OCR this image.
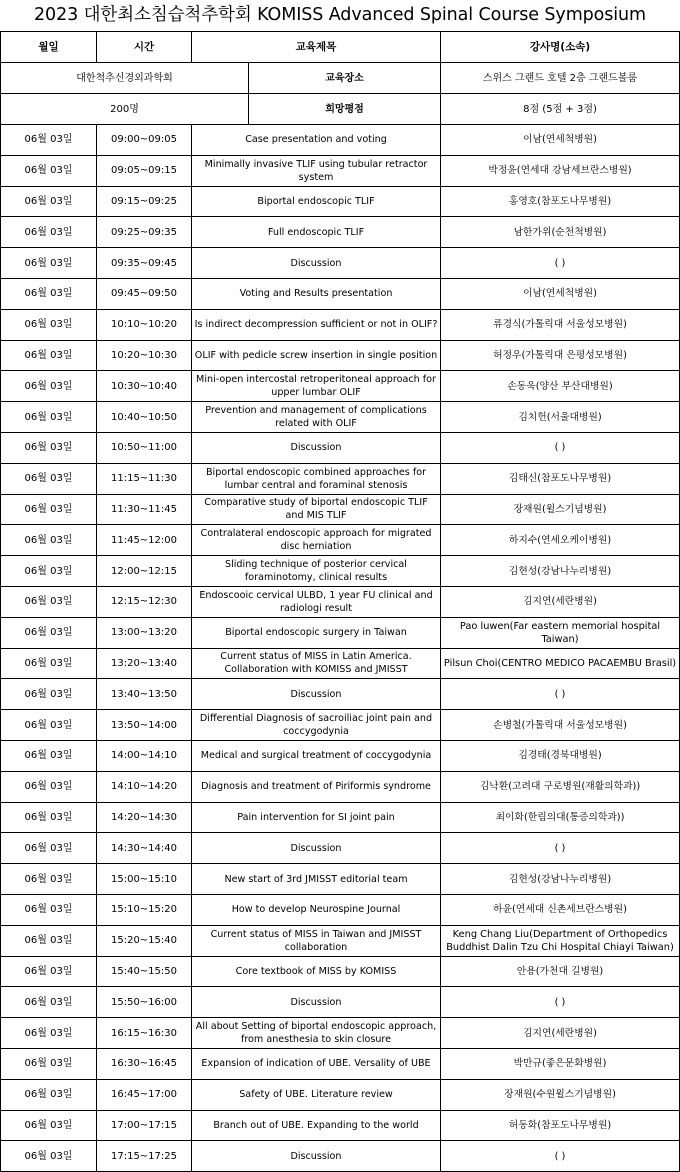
2023 대한최소침습척추학회 KOMISS Advanced Spinal Course Symposium
대한척추신경외과학회			교육장소	스위스 그랜드 호텔 2층 그랜드볼룸
200명			희망평점	8점 (5점 + 3점)
월일	시간	교육제목		강사명(소속)
06월 03일	09:00~09:05	Case presentation and voting		이남(연세척병원)
06월 03일	09:05~09:15	Minimally invasive TLIF using tubular retractor system		박정윤(연세대 강남세브란스병원)
06월 03일	09:15~09:25	Biportal endoscopic TLIF		홍영호(참포도나무병원)
06월 03일	09:25~09:35	Full endoscopic TLIF		남한가위(순천척병원)
06월 03일	09:35~09:45	Discussion		( )
06월 03일	09:45~09:50	Voting and Results presentation		이남(연세척병원)
06월 03일	10:10~10:20	Is indirect decompression sufficient or not in OLIF?		류경식(가톨릭대 서울성모병원)
06월 03일	10:20~10:30	OLIF with pedicle screw insertion in single position		허정우(가톨릭대 은평성모병원)
06월 03일	10:30~10:40	Mini-open intercostal retroperitoneal approach for upper lumbar OLIF		손동욱(양산 부산대병원)
06월 03일	10:40~10:50	Prevention and management of complications related with OLIF		김치헌(서울대병원)
06월 03일	10:50~11:00	Discussion		( )
06월 03일	11:15~11:30	Biportal endoscopic combined approaches for lumbar central and foraminal stenosis		김태신(참포도나무병원)
06월 03일	11:30~11:45	Comparative study of biportal endoscopic TLIF and MIS TLIF		장재원(윌스기념병원)
06월 03일	11:45~12:00	Contralateral endoscopic approach for migrated disc herniation		하지수(연세오케이병원)
06월 03일	12:00~12:15	Sliding technique of posterior cervical foraminotomy, clinical results		김현성(강남나누리병원)
06월 03일	12:15~12:30	Endoscooic cervical ULBD, 1 year FU clinical and radiologi result		김지연(세란병원)
06월 03일	13:00~13:20	Biportal endoscopic surgery in Taiwan		Pao luwen(Far eastern memorial hospital Taiwan)
06월 03일	13:20~13:40	Current status of MISS in Latin America. Collaboration with KOMISS and JMISST		Pilsun Choi(CENTRO MEDICO PACAEMBU Brasil)
06월 03일	13:40~13:50	Discussion		( )
06월 03일	13:50~14:00	Differential Diagnosis of sacroiliac joint pain and coccygodynia		손병철(가톨릭대 서울성모병원)
06월 03일	14:00~14:10	Medical and surgical treatment of coccygodynia		김경태(경북대병원)
06월 03일	14:10~14:20	Diagnosis and treatment of Piriformis syndrome		김낙환(고려대 구로병원(재활의학과))
06월 03일	14:20~14:30	Pain intervention for SI joint pain		최이화(한림의대(통증의학과))
06월 03일	14:30~14:40	Discussion		( )
06월 03일	15:00~15:10	New start of 3rd JMISST editorial team		김현성(강남나누리병원)
06월 03일	15:10~15:20	How to develop Neurospine Journal		하윤(연세대 신촌세브란스병원)
06월 03일	15:20~15:40	Current status of MISS in Taiwan and JMISST collaboration		Keng Chang Liu(Department of Orthopedics Buddhist Dalin Tzu Chi Hospital Chiayi Taiwan)
06월 03일	15:40~15:50	Core textbook of MISS by KOMISS		안용(가천대 길병원)
06월 03일	15:50~16:00	Discussion		( )
06월 03일	16:15~16:30	All about Setting of biportal endoscopic approach, from anesthesia to skin closure		김지연(세란병원)
06월 03일	16:30~16:45	Expansion of indication of UBE. Versality of UBE		박만규(좋은문화병원)
06월 03일	16:45~17:00	Safety of UBE. Literature review		장재원(수원윌스기념병원)
06월 03일	17:00~17:15	Branch out of UBE. Expanding to the world		허동화(참포도나무병원)
06월 03일	17:15~17:25	Discussion		( )
